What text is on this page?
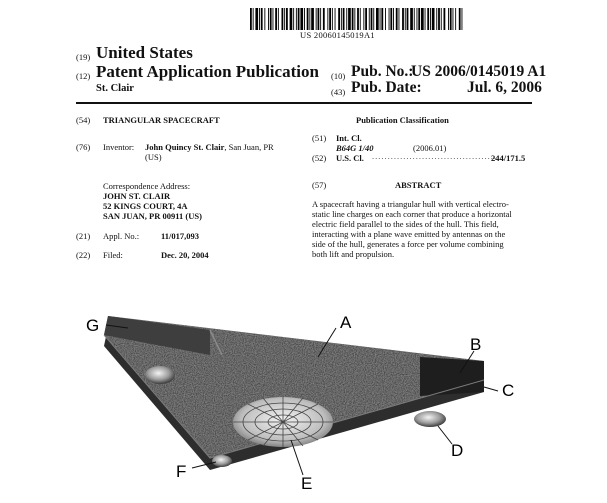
US 20060145019A1
(19) United States
(12) Patent Application Publication
St. Clair
(10) Pub. No.:
US 2006/0145019 A1
(43) Pub. Date:	Jul. 6, 2006
(54) TRIANGULAR SPACECRAFT
(76) Inventor: John Quincy St. Clair, San Juan, PR
(US)
Correspondence Address:
JOHN ST. CLAIR
52 KINGS COURT, 4A
SAN JUAN, PR 00911 (US)
(21) Appl. No.:	11/017,093
(22) Filed:	Dec. 20, 2004
Publication Classification
(51) Int. Cl.
B64G 1/40	(2006.01)
(52) U.S. Cl. ........................................
244/171.5
(57)	ABSTRACT
A spacecraft having a triangular hull with vertical electro-
static line charges on each corner that produce a horizontal
electric field parallel to the sides of the hull. This field,
interacting with a plane wave emitted by antennas on the
side of the hull, generates a force per volume combining
both lift and propulsion.
G	A
B
C
D
E
F
